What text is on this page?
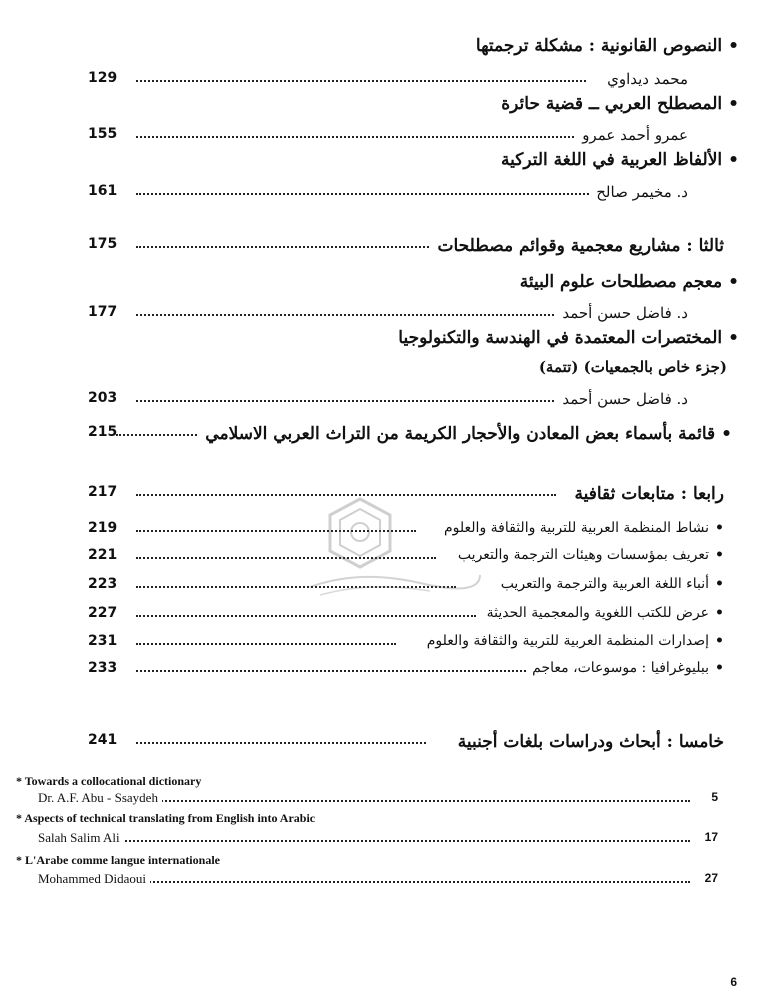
•النصوص القانونية : مشكلة ترجمتها
129	محمد ديداوي
•المصطلح العربي ــ قضية حائرة
155	عمرو أحمد عمرو
•الألفاظ العربية في اللغة التركية
161	د. مخيمر صالح
175	ثالثا : مشاريع معجمية وقوائم مصطلحات
•معجم مصطلحات علوم البيئة
177	د. فاضل حسن أحمد
•المختصرات المعتمدة في الهندسة والتكنولوجيا
(جزء خاص بالجمعيات) (تتمة)
203	د. فاضل حسن أحمد
215	•قائمة بأسماء بعض المعادن والأحجار الكريمة من التراث العربي الاسلامي
217	رابعا : متابعات ثقافية
219	•نشاط المنظمة العربية للتربية والثقافة والعلوم
221	•تعريف بمؤسسات وهيئات الترجمة والتعريب
223	•أنباء اللغة العربية والترجمة والتعريب
227	•عرض للكتب اللغوية والمعجمية الحديثة
231	•إصدارات المنظمة العربية للتربية والثقافة والعلوم
233	•ببليوغرافيا : موسوعات، معاجم
241	خامسا : أبحاث ودراسات بلغات أجنبية
* Towards a collocational dictionary
Dr. A.F. Abu - Ssaydeh	5
* Aspects of technical translating from English into Arabic
Salah Salim Ali	17
* L'Arabe comme langue internationale
Mohammed Didaoui	27
6
